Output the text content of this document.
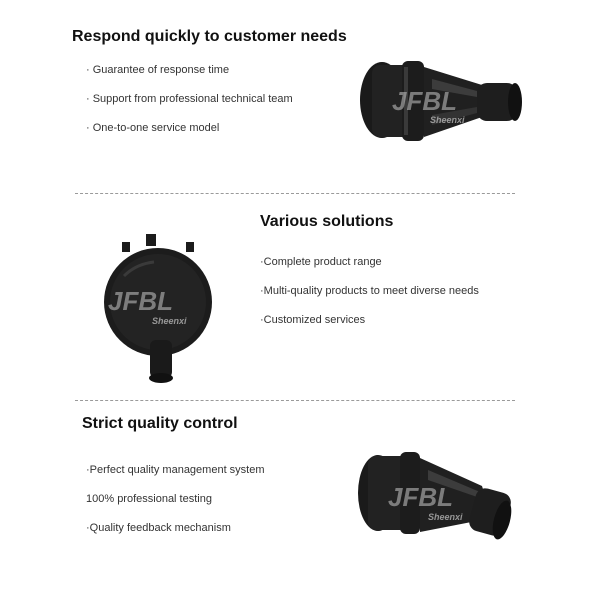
Respond quickly to customer needs
· Guarantee of response time
· Support from professional technical team
· One-to-one service model
JFBL
Sheenxi
Various solutions
·Complete product range
·Multi-quality products to meet diverse needs
·Customized services
JFBL
Sheenxi
Strict quality control
·Perfect quality management system
100% professional testing
·Quality feedback mechanism
JFBL
Sheenxi
